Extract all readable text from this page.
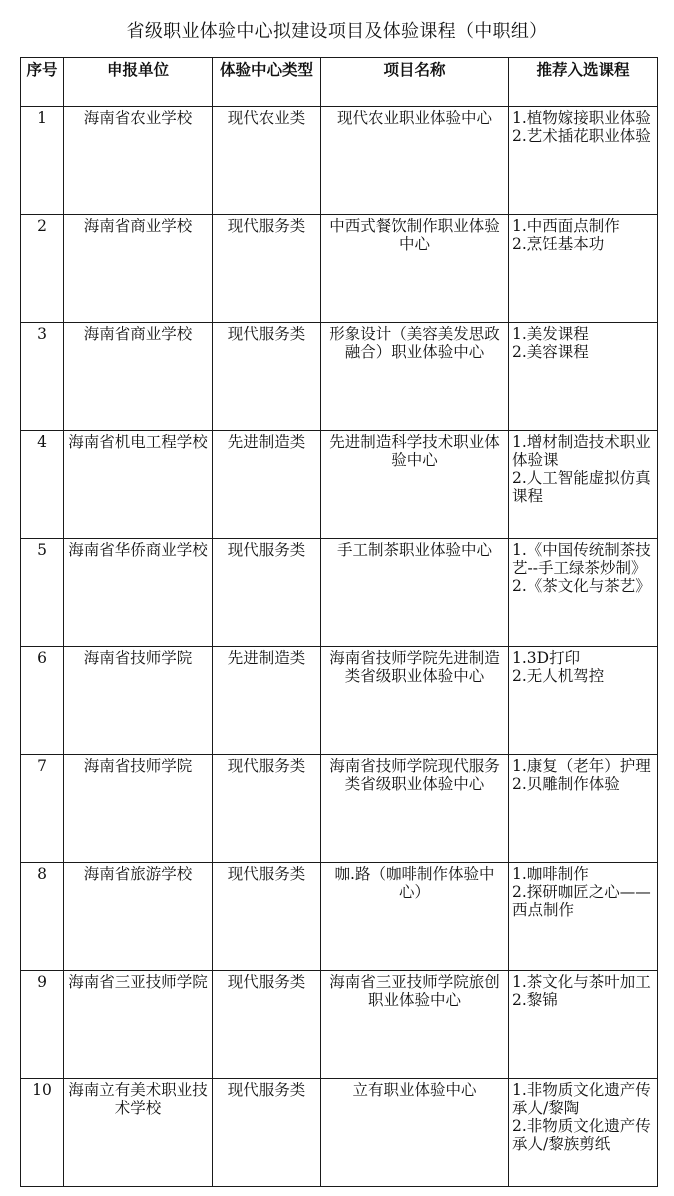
省级职业体验中心拟建设项目及体验课程（中职组）
序号	申报单位	体验中心类型	项目名称	推荐入选课程
1	海南省农业学校	现代农业类	现代农业职业体验中心	1.植物嫁接职业体验
2.艺术插花职业体验

2	海南省商业学校	现代服务类	中西式餐饮制作职业体验中心	1.中西面点制作
2.烹饪基本功

3	海南省商业学校	现代服务类	形象设计（美容美发思政融合）职业体验中心	1.美发课程
2.美容课程

4	海南省机电工程学校	先进制造类	先进制造科学技术职业体验中心	1.增材制造技术职业体验课
2.人工智能虚拟仿真课程

5	海南省华侨商业学校	现代服务类	手工制茶职业体验中心	1.《中国传统制茶技艺--手工绿茶炒制》
2.《茶文化与茶艺》

6	海南省技师学院	先进制造类	海南省技师学院先进制造类省级职业体验中心	1.3D打印
2.无人机驾控

7	海南省技师学院	现代服务类	海南省技师学院现代服务类省级职业体验中心	1.康复（老年）护理
2.贝雕制作体验

8	海南省旅游学校	现代服务类	咖.路（咖啡制作体验中心）	1.咖啡制作
2.探研咖匠之心——西点制作

9	海南省三亚技师学院	现代服务类	海南省三亚技师学院旅创职业体验中心	1.茶文化与茶叶加工
2.黎锦

10	海南立有美术职业技术学校	现代服务类	立有职业体验中心	1.非物质文化遗产传承人/黎陶
2.非物质文化遗产传承人/黎族剪纸
